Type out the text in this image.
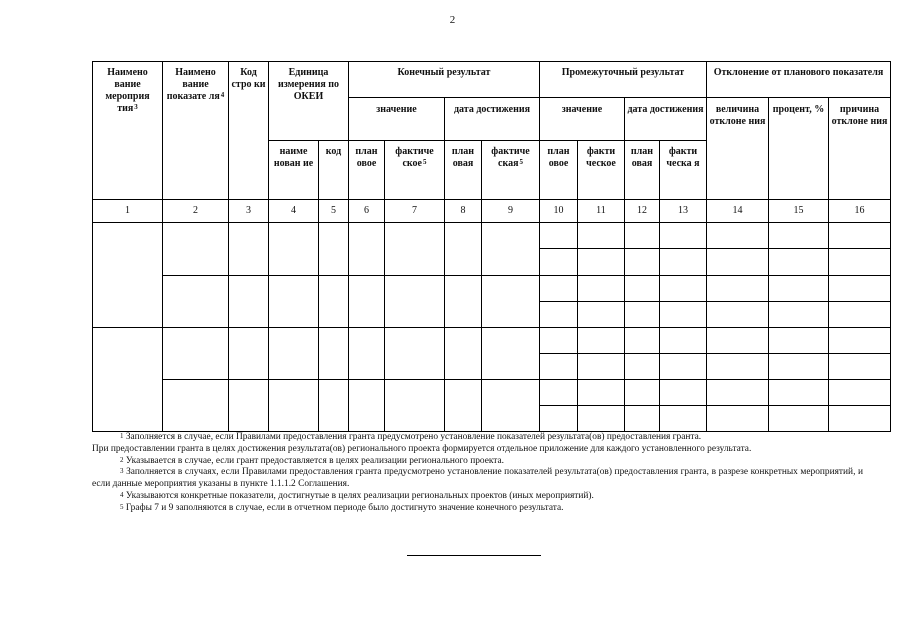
2
Наимено вание мероприя тия$^3$	Наимено вание показате $ля^4$	Код стро ки	Единица измерения по ОКЕИ		Конечный результат				Промежуточный результат				Отклонение от планового показателя		
					значение		дата достижения		значение		дата достижения		величина отклоне ния	процент, %	причина отклоне ния
			наиме нован ие	код	план овое	фактиче ское$^5$	план овая	фактиче ская$^5$	план овое	факти ческое	план овая	факти ческа я			
1	2	3	4	5	6	7	8	9	10	11	12	13	14	15	16

$^1$ Заполняется в случае, если Правилами предоставления гранта предусмотрено установление показателей результата(ов) предоставления гранта.

При предоставлении гранта в целях достижения результата(ов) регионального проекта формируется отдельное приложение для каждого установленного результата.

$^2$ Указывается в случае, если грант предоставляется в целях реализации регионального проекта.

$^3$ Заполняется в случаях, если Правилами предоставления гранта предусмотрено установление показателей результата(ов) предоставления гранта, в разрезе конкретных мероприятий, и если данные мероприятия указаны в пункте 1.1.1.2 Соглашения.

$^4$ Указываются конкретные показатели, достигнутые в целях реализации региональных проектов (иных мероприятий).

$^5$ Графы 7 и 9 заполняются в случае, если в отчетном периоде было достигнуто значение конечного результата.
